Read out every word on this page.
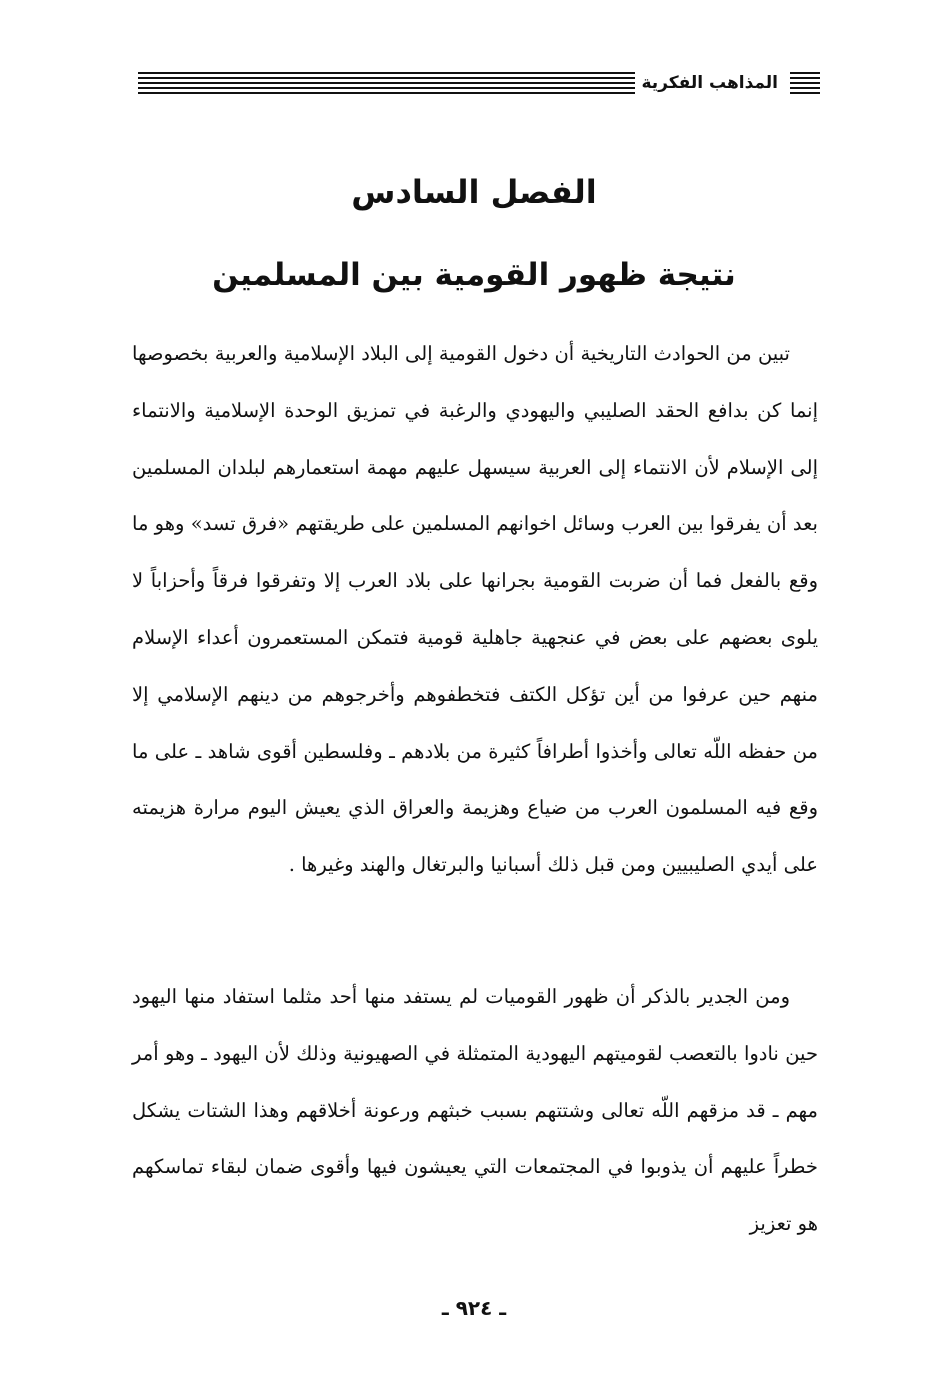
المذاهب الفكرية
الفصل السادس
نتيجة ظهور القومية بين المسلمين

تبين من الحوادث التاريخية أن دخول القومية إلى البلاد الإسلامية والعربية بخصوصها إنما كن بدافع الحقد الصليبي واليهودي والرغبة في تمزيق الوحدة الإسلامية والانتماء إلى الإسلام لأن الانتماء إلى العربية سيسهل عليهم مهمة استعمارهم لبلدان المسلمين بعد أن يفرقوا بين العرب وسائل اخوانهم المسلمين على طريقتهم «فرق تسد» وهو ما وقع بالفعل فما أن ضربت القومية بجرانها على بلاد العرب إلا وتفرقوا فرقاً وأحزاباً لا يلوى بعضهم على بعض في عنجهية جاهلية قومية فتمكن المستعمرون أعداء الإسلام منهم حين عرفوا من أين تؤكل الكتف فتخطفوهم وأخرجوهم من دينهم الإسلامي إلا من حفظه اللّه تعالى وأخذوا أطرافاً كثيرة من بلادهم ـ وفلسطين أقوى شاهد ـ على ما وقع فيه المسلمون العرب من ضياع وهزيمة والعراق الذي يعيش اليوم مرارة هزيمته على أيدي الصليبيين ومن قبل ذلك أسبانيا والبرتغال والهند وغيرها .

ومن الجدير بالذكر أن ظهور القوميات لم يستفد منها أحد مثلما استفاد منها اليهود حين نادوا بالتعصب لقوميتهم اليهودية المتمثلة في الصهيونية وذلك لأن اليهود ـ وهو أمر مهم ـ قد مزقهم اللّه تعالى وشتتهم بسبب خبثهم ورعونة أخلاقهم وهذا الشتات يشكل خطراً عليهم أن يذوبوا في المجتمعات التي يعيشون فيها وأقوى ضمان لبقاء تماسكهم هو تعزيز

ـ ٩٢٤ ـ
